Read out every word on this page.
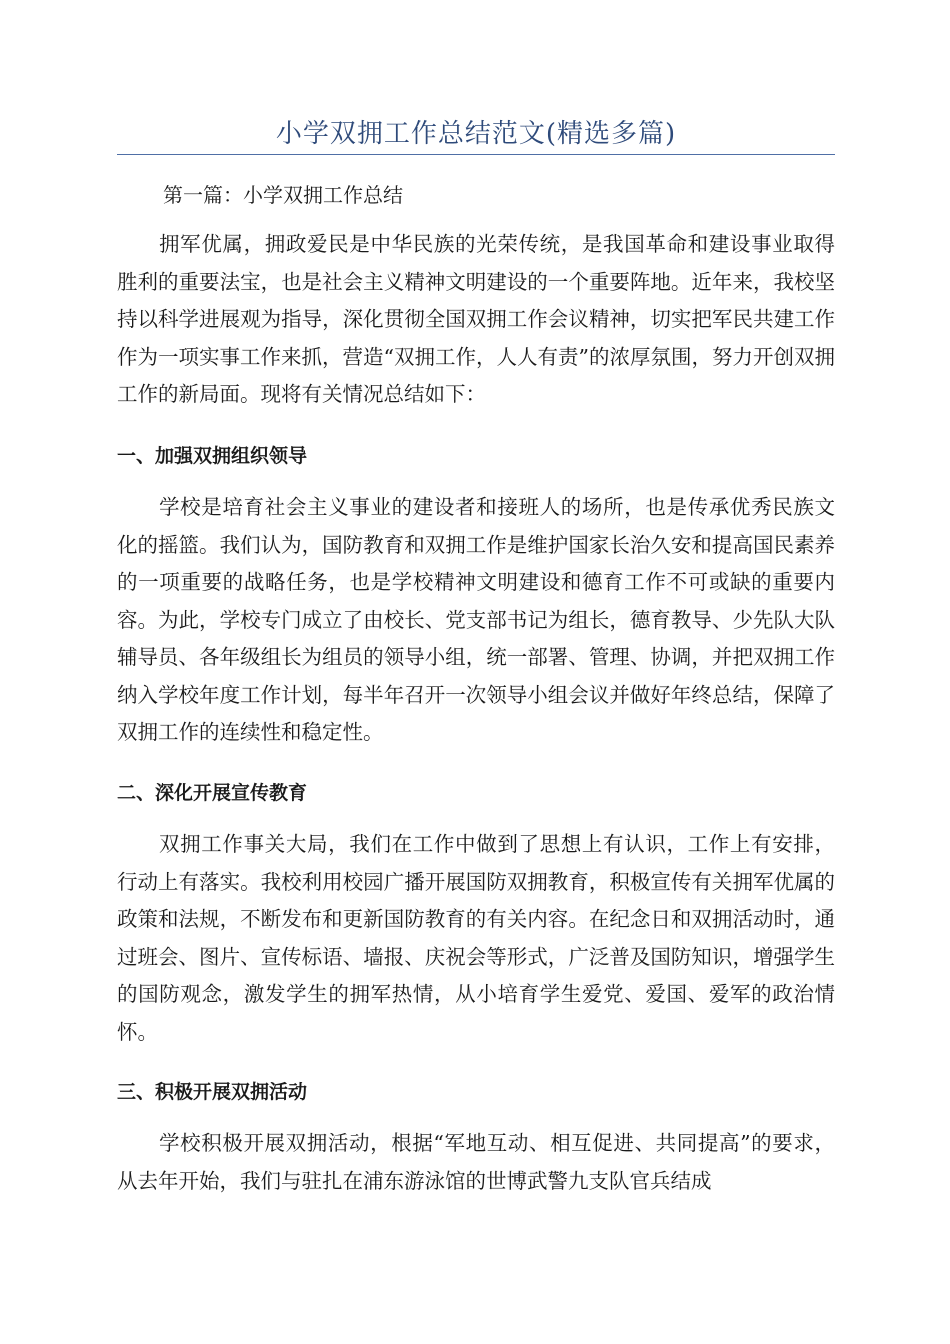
小学双拥工作总结范文(精选多篇)
第一篇：小学双拥工作总结

拥军优属，拥政爱民是中华民族的光荣传统，是我国革命和建设事业取得胜利的重要法宝，也是社会主义精神文明建设的一个重要阵地。近年来，我校坚持以科学进展观为指导，深化贯彻全国双拥工作会议精神，切实把军民共建工作作为一项实事工作来抓，营造“双拥工作，人人有责”的浓厚氛围，努力开创双拥工作的新局面。现将有关情况总结如下：

一、加强双拥组织领导

学校是培育社会主义事业的建设者和接班人的场所，也是传承优秀民族文化的摇篮。我们认为，国防教育和双拥工作是维护国家长治久安和提高国民素养的一项重要的战略任务，也是学校精神文明建设和德育工作不可或缺的重要内容。为此，学校专门成立了由校长、党支部书记为组长，德育教导、少先队大队辅导员、各年级组长为组员的领导小组，统一部署、管理、协调，并把双拥工作纳入学校年度工作计划，每半年召开一次领导小组会议并做好年终总结，保障了双拥工作的连续性和稳定性。

二、深化开展宣传教育

双拥工作事关大局，我们在工作中做到了思想上有认识，工作上有安排，行动上有落实。我校利用校园广播开展国防双拥教育，积极宣传有关拥军优属的政策和法规，不断发布和更新国防教育的有关内容。在纪念日和双拥活动时，通过班会、图片、宣传标语、墙报、庆祝会等形式，广泛普及国防知识，增强学生的国防观念，激发学生的拥军热情，从小培育学生爱党、爱国、爱军的政治情怀。

三、积极开展双拥活动

学校积极开展双拥活动，根据“军地互动、相互促进、共同提高”的要求，从去年开始，我们与驻扎在浦东游泳馆的世博武警九支队官兵结成
